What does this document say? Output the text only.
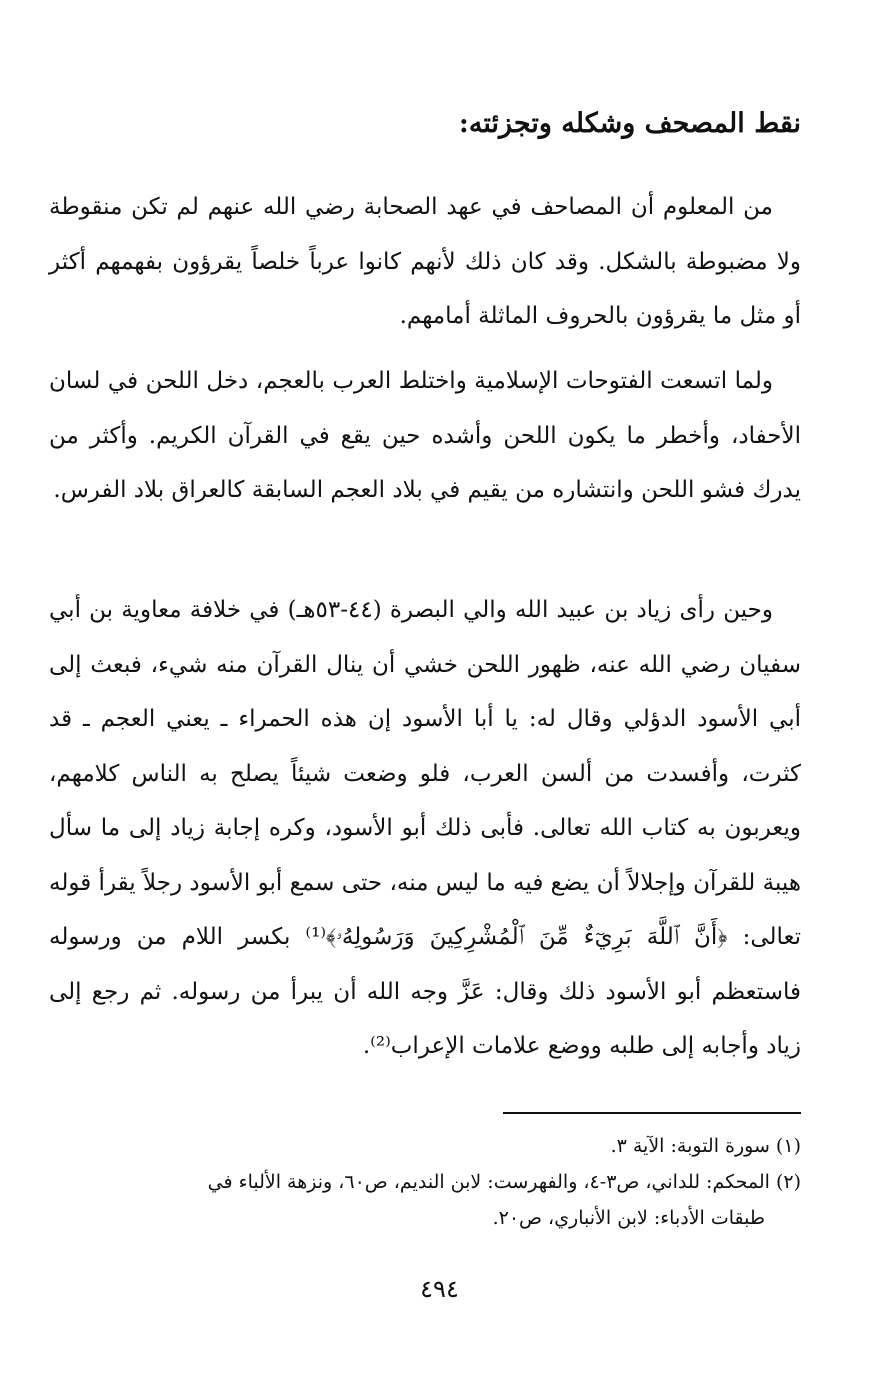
نقط المصحف وشكله وتجزئته:

من المعلوم أن المصاحف في عهد الصحابة رضي الله عنهم لم تكن منقوطة ولا مضبوطة بالشكل. وقد كان ذلك لأنهم كانوا عرباً خلصاً يقرؤون بفهمهم أكثر أو مثل ما يقرؤون بالحروف الماثلة أمامهم.

ولما اتسعت الفتوحات الإسلامية واختلط العرب بالعجم، دخل اللحن في لسان الأحفاد، وأخطر ما يكون اللحن وأشده حين يقع في القرآن الكريم. وأكثر من يدرك فشو اللحن وانتشاره من يقيم في بلاد العجم السابقة كالعراق بلاد الفرس.

وحين رأى زياد بن عبيد الله والي البصرة (٤٤-٥٣هـ) في خلافة معاوية بن أبي سفيان رضي الله عنه، ظهور اللحن خشي أن ينال القرآن منه شيء، فبعث إلى أبي الأسود الدؤلي وقال له: يا أبا الأسود إن هذه الحمراء ـ يعني العجم ـ قد كثرت، وأفسدت من ألسن العرب، فلو وضعت شيئاً يصلح به الناس كلامهم، ويعربون به كتاب الله تعالى. فأبى ذلك أبو الأسود، وكره إجابة زياد إلى ما سأل هيبة للقرآن وإجلالاً أن يضع فيه ما ليس منه، حتى سمع أبو الأسود رجلاً يقرأ قوله تعالى: ﴿أَنَّ ٱللَّهَ بَرِيٓءٌ مِّنَ ٱلْمُشْرِكِينَ وَرَسُولِهُۥ﴾⁽¹⁾ بكسر اللام من ورسوله فاستعظم أبو الأسود ذلك وقال: عَزَّ وجه الله أن يبرأ من رسوله. ثم رجع إلى زياد وأجابه إلى طلبه ووضع علامات الإعراب⁽²⁾.

(١) سورة التوبة: الآية ٣.
(٢) المحكم: للداني، ص٣-٤، والفهرست: لابن النديم، ص٦٠، ونزهة الألباء في
طبقات الأدباء: لابن الأنباري، ص٢٠.
٤٩٤
